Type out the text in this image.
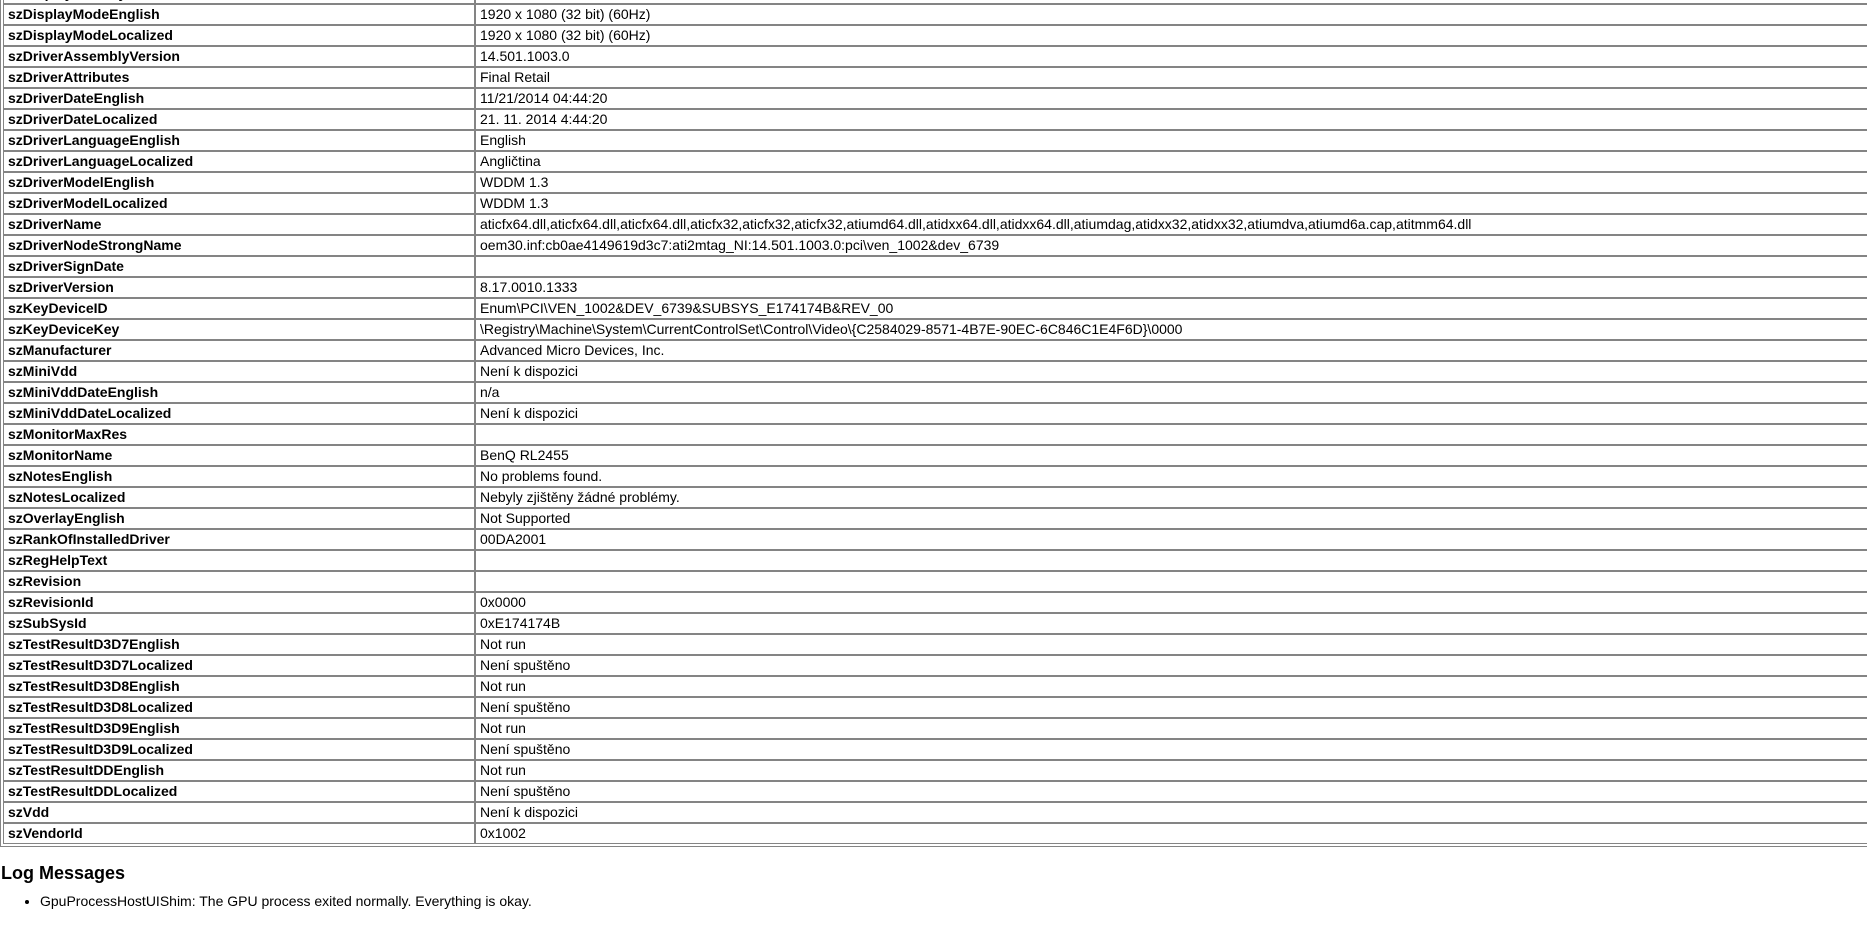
szDisplayModeEnglish	1920 x 1080 (32 bit) (60Hz)
szDisplayModeLocalized	1920 x 1080 (32 bit) (60Hz)
szDriverAssemblyVersion	14.501.1003.0
szDriverAttributes	Final Retail
szDriverDateEnglish	11/21/2014 04:44:20
szDriverDateLocalized	21. 11. 2014 4:44:20
szDriverLanguageEnglish	English
szDriverLanguageLocalized	Angličtina
szDriverModelEnglish	WDDM 1.3
szDriverModelLocalized	WDDM 1.3
szDriverName	aticfx64.dll,aticfx64.dll,aticfx64.dll,aticfx32,aticfx32,aticfx32,atiumd64.dll,atidxx64.dll,atidxx64.dll,atiumdag,atidxx32,atidxx32,atiumdva,atiumd6a.cap,atitmm64.dll
szDriverNodeStrongName	oem30.inf:cb0ae4149619d3c7:ati2mtag_NI:14.501.1003.0:pci\ven_1002&dev_6739
szDriverSignDate	
szDriverVersion	8.17.0010.1333
szKeyDeviceID	Enum\PCI\VEN_1002&DEV_6739&SUBSYS_E174174B&REV_00
szKeyDeviceKey	\Registry\Machine\System\CurrentControlSet\Control\Video\{C2584029-8571-4B7E-90EC-6C846C1E4F6D}\0000
szManufacturer	Advanced Micro Devices, Inc.
szMiniVdd	Není k dispozici
szMiniVddDateEnglish	n/a
szMiniVddDateLocalized	Není k dispozici
szMonitorMaxRes	
szMonitorName	BenQ RL2455
szNotesEnglish	No problems found.
szNotesLocalized	Nebyly zjištěny žádné problémy.
szOverlayEnglish	Not Supported
szRankOfInstalledDriver	00DA2001
szRegHelpText	
szRevision	
szRevisionId	0x0000
szSubSysId	0xE174174B
szTestResultD3D7English	Not run
szTestResultD3D7Localized	Není spuštěno
szTestResultD3D8English	Not run
szTestResultD3D8Localized	Není spuštěno
szTestResultD3D9English	Not run
szTestResultD3D9Localized	Není spuštěno
szTestResultDDEnglish	Not run
szTestResultDDLocalized	Není spuštěno
szVdd	Není k dispozici
szVendorId	0x1002
Log Messages
• GpuProcessHostUIShim: The GPU process exited normally. Everything is okay.
